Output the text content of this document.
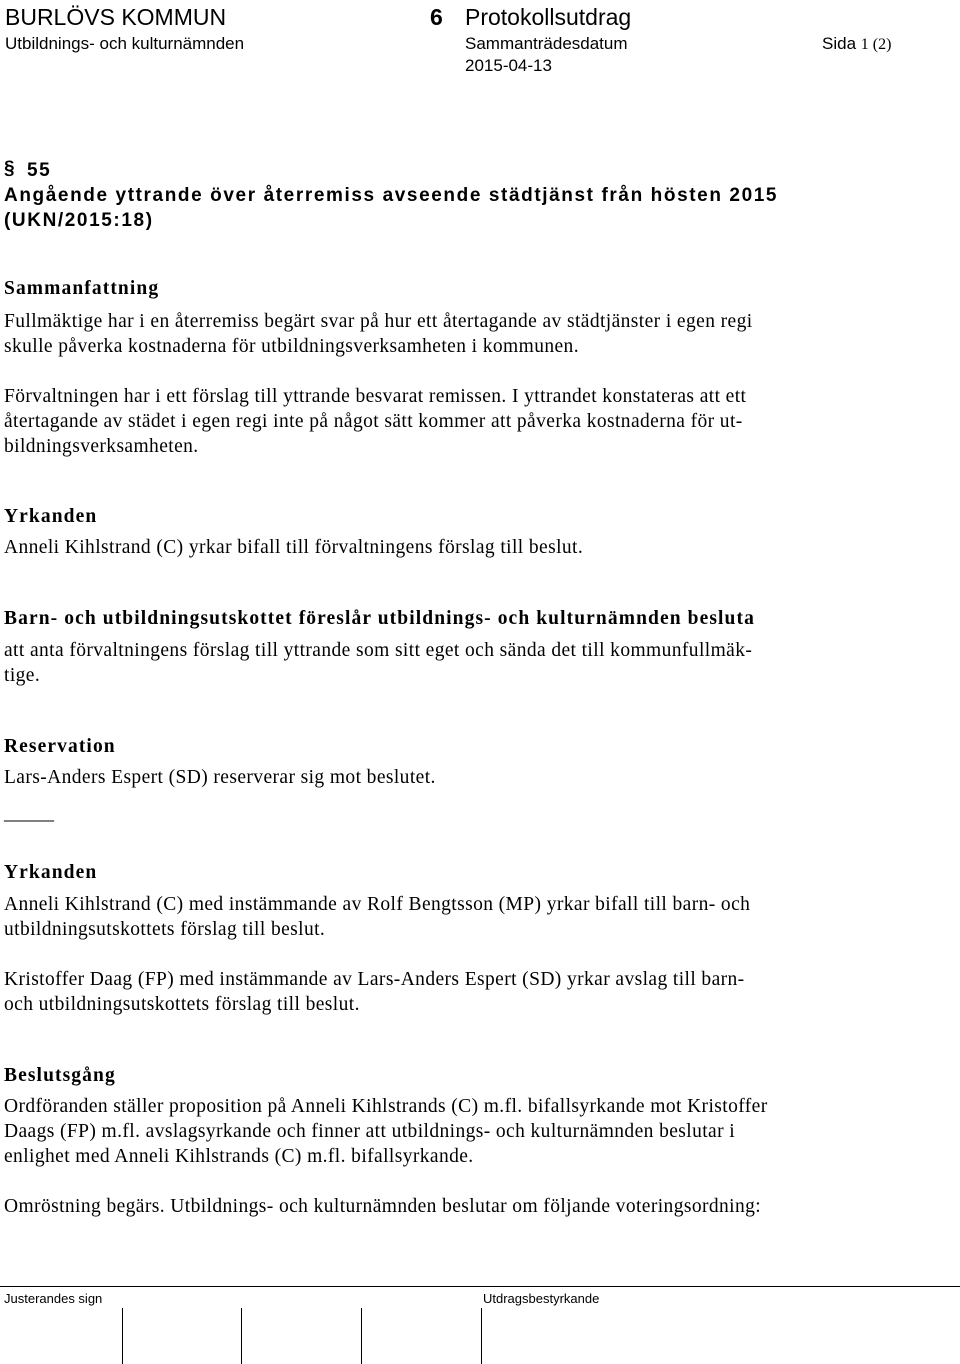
BURLÖVS KOMMUN	6 Protokollsutdrag
Utbildnings- och kulturnämnden	Sammanträdesdatum	Sida 1 (2)
2015-04-13
§ 55
Angående yttrande över återremiss avseende städtjänst från hösten 2015
(UKN/2015:18)
Sammanfattning
Fullmäktige har i en återremiss begärt svar på hur ett återtagande av städtjänster i egen regi
skulle påverka kostnaderna för utbildningsverksamheten i kommunen.
Förvaltningen har i ett förslag till yttrande besvarat remissen. I yttrandet konstateras att ett
återtagande av städet i egen regi inte på något sätt kommer att påverka kostnaderna för ut-
bildningsverksamheten.
Yrkanden
Anneli Kihlstrand (C) yrkar bifall till förvaltningens förslag till beslut.
Barn- och utbildningsutskottet föreslår utbildnings- och kulturnämnden besluta
att anta förvaltningens förslag till yttrande som sitt eget och sända det till kommunfullmäk-
tige.
Reservation
Lars-Anders Espert (SD) reserverar sig mot beslutet.
_____
Yrkanden
Anneli Kihlstrand (C) med instämmande av Rolf Bengtsson (MP) yrkar bifall till barn- och
utbildningsutskottets förslag till beslut.
Kristoffer Daag (FP) med instämmande av Lars-Anders Espert (SD) yrkar avslag till barn-
och utbildningsutskottets förslag till beslut.
Beslutsgång
Ordföranden ställer proposition på Anneli Kihlstrands (C) m.fl. bifallsyrkande mot Kristoffer
Daags (FP) m.fl. avslagsyrkande och finner att utbildnings- och kulturnämnden beslutar i
enlighet med Anneli Kihlstrands (C) m.fl. bifallsyrkande.
Omröstning begärs. Utbildnings- och kulturnämnden beslutar om följande voteringsordning:
Justerandes sign	Utdragsbestyrkande
